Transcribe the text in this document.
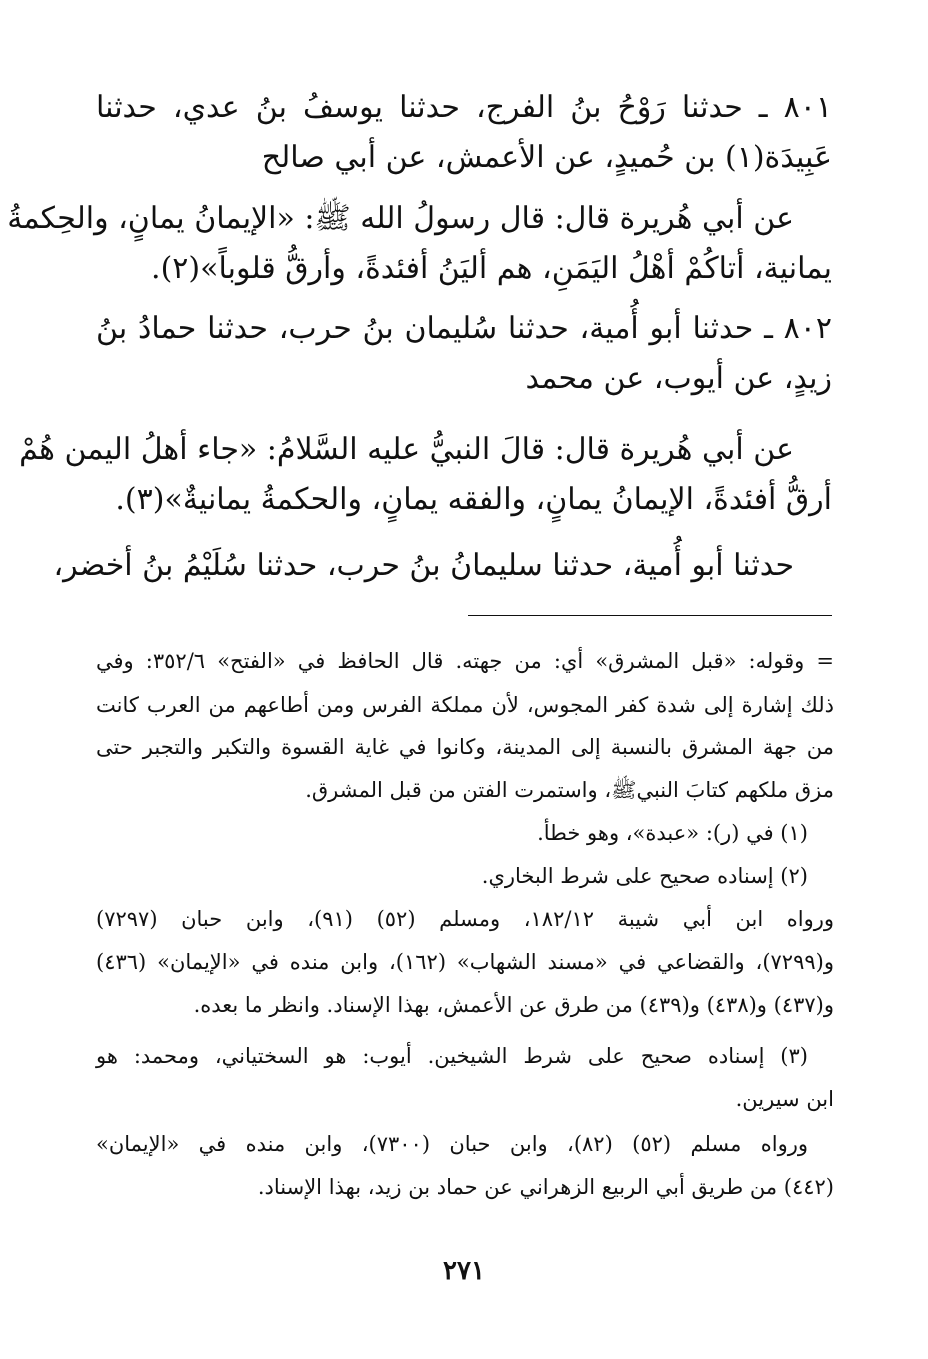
٨٠١ ـ حدثنا رَوْحُ بنُ الفرج، حدثنا يوسفُ بنُ عدي، حدثنا
عَبِيدَة(١) بن حُميدٍ، عن الأعمش، عن أبي صالح
عن أبي هُريرة قال: قال رسولُ الله ﷺ: «الإيمانُ يمانٍ، والحِكمةُ
يمانية، أتاكُمْ أهْلُ اليَمَنِ، هم أليَنُ أفئدةً، وأرقُّ قلوباً»(٢).
٨٠٢ ـ حدثنا أبو أُمية، حدثنا سُليمان بنُ حرب، حدثنا حمادُ بنُ
زيدٍ، عن أيوب، عن محمد
عن أبي هُريرة قال: قالَ النبيُّ عليه السَّلامُ: «جاء أهلُ اليمن هُمْ
أرقُّ أفئدةً، الإيمانُ يمانٍ، والفقه يمانٍ، والحكمةُ يمانيةٌ»(٣).
حدثنا أبو أُمية، حدثنا سليمانُ بنُ حرب، حدثنا سُلَيْمُ بنُ أخضر،
= وقوله: «قبل المشرق» أي: من جهته. قال الحافظ في «الفتح» ٣٥٢/٦: وفي
ذلك إشارة إلى شدة كفر المجوس، لأن مملكة الفرس ومن أطاعهم من العرب كانت
من جهة المشرق بالنسبة إلى المدينة، وكانوا في غاية القسوة والتكبر والتجبر حتى
مزق ملكهم كتابَ النبيﷺ، واستمرت الفتن من قبل المشرق.
(١) في (ر): «عبدة»، وهو خطأ.
(٢) إسناده صحيح على شرط البخاري.
ورواه ابن أبي شيبة ١٨٢/١٢، ومسلم (٥٢) (٩١)، وابن حبان (٧٢٩٧)
و(٧٢٩٩)، والقضاعي في «مسند الشهاب» (١٦٢)، وابن منده في «الإيمان» (٤٣٦)
و(٤٣٧) و(٤٣٨) و(٤٣٩) من طرق عن الأعمش، بهذا الإسناد. وانظر ما بعده.
(٣) إسناده صحيح على شرط الشيخين. أيوب: هو السختياني، ومحمد: هو
ابن سيرين.
ورواه مسلم (٥٢) (٨٢)، وابن حبان (٧٣٠٠)، وابن منده في «الإيمان»
(٤٤٢) من طريق أبي الربيع الزهراني عن حماد بن زيد، بهذا الإسناد.
٢٧١
